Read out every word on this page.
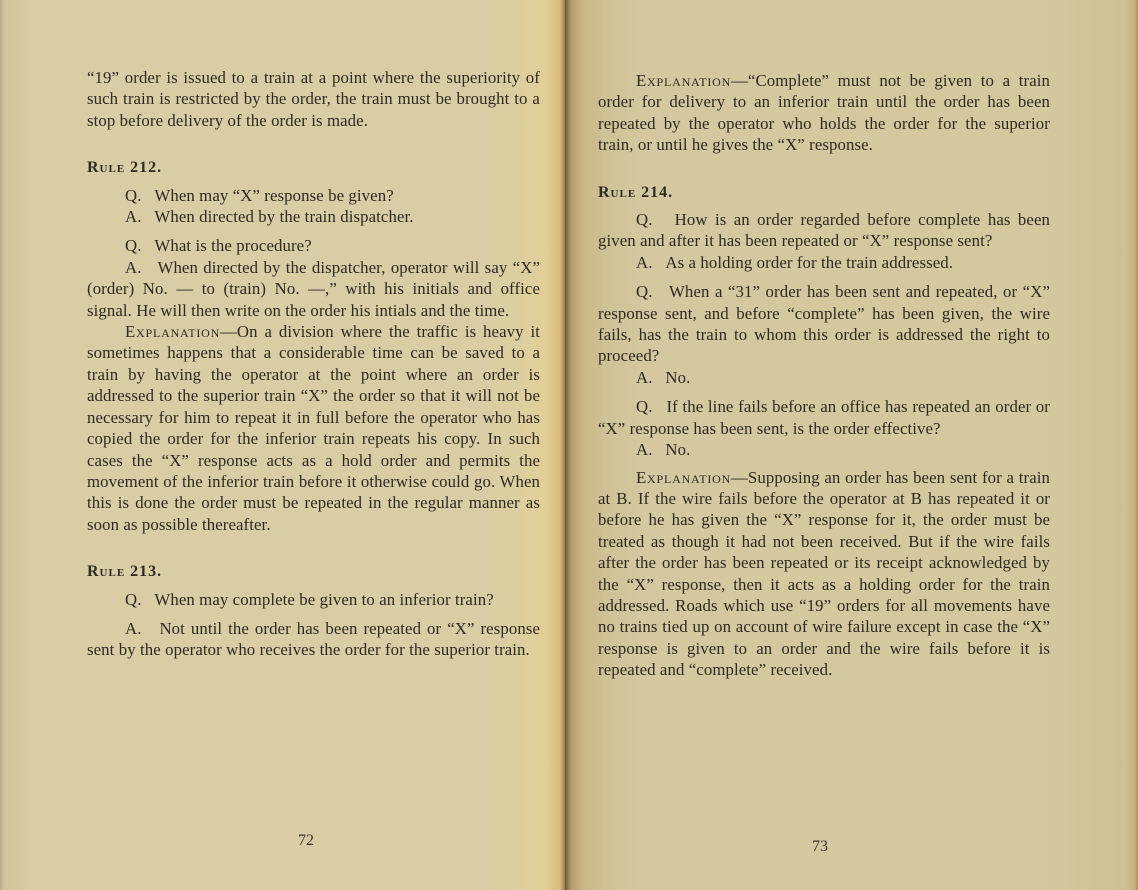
“19” order is issued to a train at a point where the superiority of such train is restricted by the order, the train must be brought to a stop before delivery of the order is made.

Rule 212.

Q. When may “X” response be given?

A. When directed by the train dispatcher.

Q. What is the procedure?

A. When directed by the dispatcher, operator will say “X” (order) No. — to (train) No. —,” with his initials and office signal. He will then write on the order his intials and the time.

Explanation—On a division where the traffic is heavy it sometimes happens that a considerable time can be saved to a train by having the operator at the point where an order is addressed to the superior train “X” the order so that it will not be necessary for him to repeat it in full before the operator who has copied the order for the inferior train repeats his copy. In such cases the “X” response acts as a hold order and permits the movement of the inferior train before it otherwise could go. When this is done the order must be repeated in the regular manner as soon as possible thereafter.

Rule 213.

Q. When may complete be given to an inferior train?

A. Not until the order has been repeated or “X” response sent by the operator who receives the order for the superior train.

72

Explanation—“Complete” must not be given to a train order for delivery to an inferior train until the order has been repeated by the operator who holds the order for the superior train, or until he gives the “X” response.

Rule 214.

Q. How is an order regarded before complete has been given and after it has been repeated or “X” response sent?

A. As a holding order for the train addressed.

Q. When a “31” order has been sent and repeated, or “X” response sent, and before “complete” has been given, the wire fails, has the train to whom this order is addressed the right to proceed?

A. No.

Q. If the line fails before an office has repeated an order or “X” response has been sent, is the order effective?

A. No.

Explanation—Supposing an order has been sent for a train at B. If the wire fails before the operator at B has repeated it or before he has given the “X” response for it, the order must be treated as though it had not been received. But if the wire fails after the order has been repeated or its receipt acknowledged by the “X” response, then it acts as a holding order for the train addressed. Roads which use “19” orders for all movements have no trains tied up on account of wire failure except in case the “X” response is given to an order and the wire fails before it is repeated and “complete” received.

73
